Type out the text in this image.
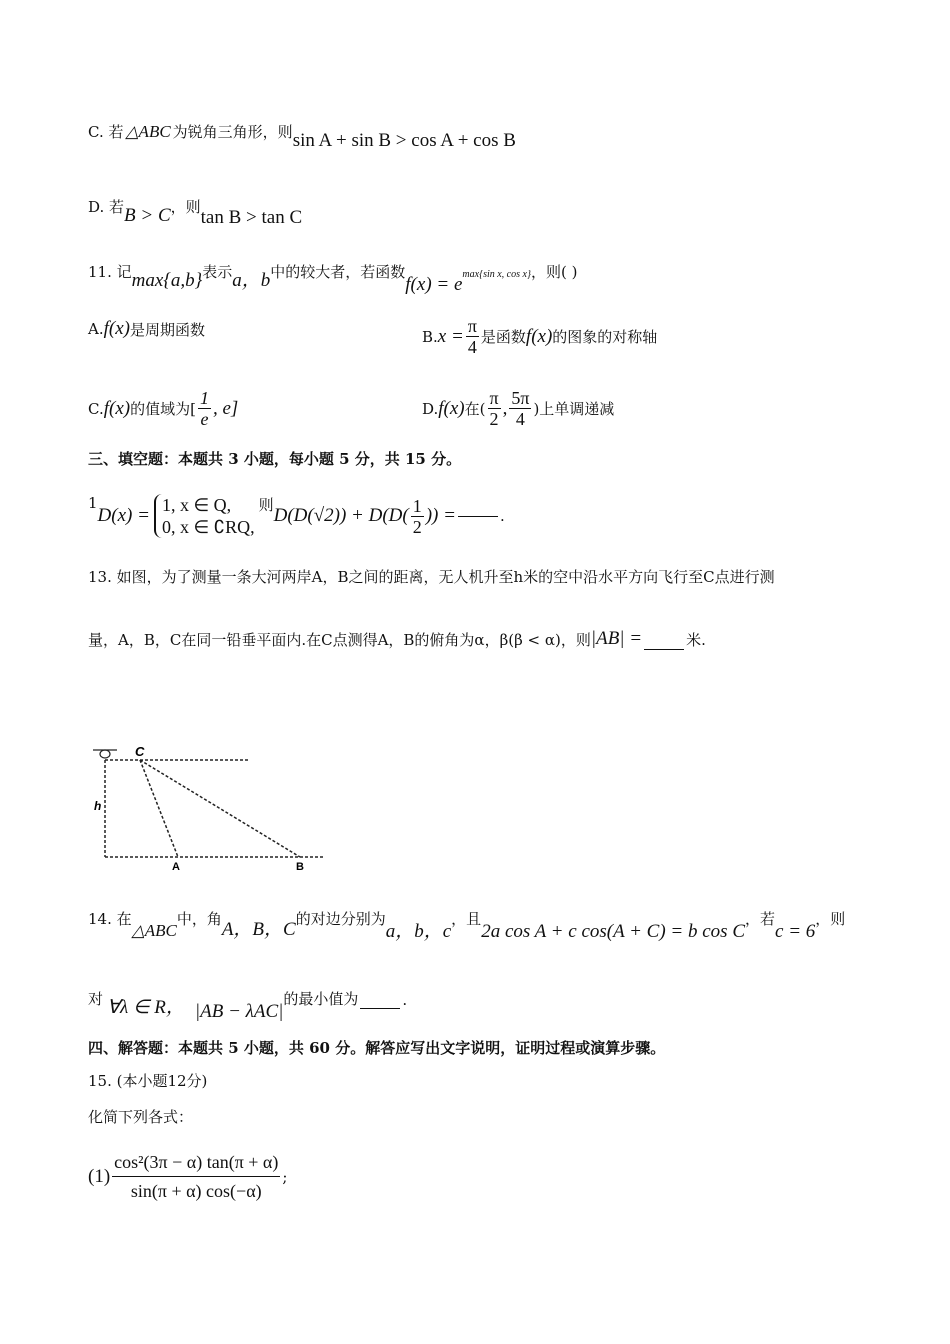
C. 若 △ABC 为锐角三角形，则 sin A + sin B > cos A + cos B
D. 若 B > C ，则 tan B > tan C
11. 记 max{a,b} 表示 a，b 中的较大者，若函数
f(x) = e max{sin x, cos x} ，则( )
A. f(x) 是周期函数	B. $x = \frac{\pi}{4}$ 是函数 f(x) 的图象的对称轴
C. f(x) 的值域为[ $\frac{1}{e}$ , e]	D. f(x) 在( $\frac{\pi}{2}$ , $\frac{5\pi}{4}$ )上单调递减
三、填空题：本题共 3 小题，每小题 5 分，共 15 分。
1
D(x) = 1, x ∈ Q,
0, x ∈ ∁RQ,
则 $D(D(√2)) + D(D( \frac{1}{2}$ )) =	.
13. 如图，为了测量一条大河两岸A，B之间的距离，无人机升至h米的空中沿水平方向飞行至C点进行测
量，A，B，C在同一铅垂平面内.在C点测得A，B的俯角为α，β(β < α)，则 |AB| =	米.
C
h
A	B
14. 在
△ABC
中，角 A，B，C 的对边分别为
a，b，c
，且
2a cos A + c cos(A + C) = b cos C
，若
c = 6
，则
对 ∀λ ∈ R， |AB − λAC|
的最小值为	.
四、解答题：本题共 5 小题，共 60 分。解答应写出文字说明，证明过程或演算步骤。
15. (本小题12分)
化简下列各式：
$(1) \frac{\text{cos²(3π − α) tan(π + α)}}{\sin(\pi + \alpha) \cos(-\alpha)}$ ;
